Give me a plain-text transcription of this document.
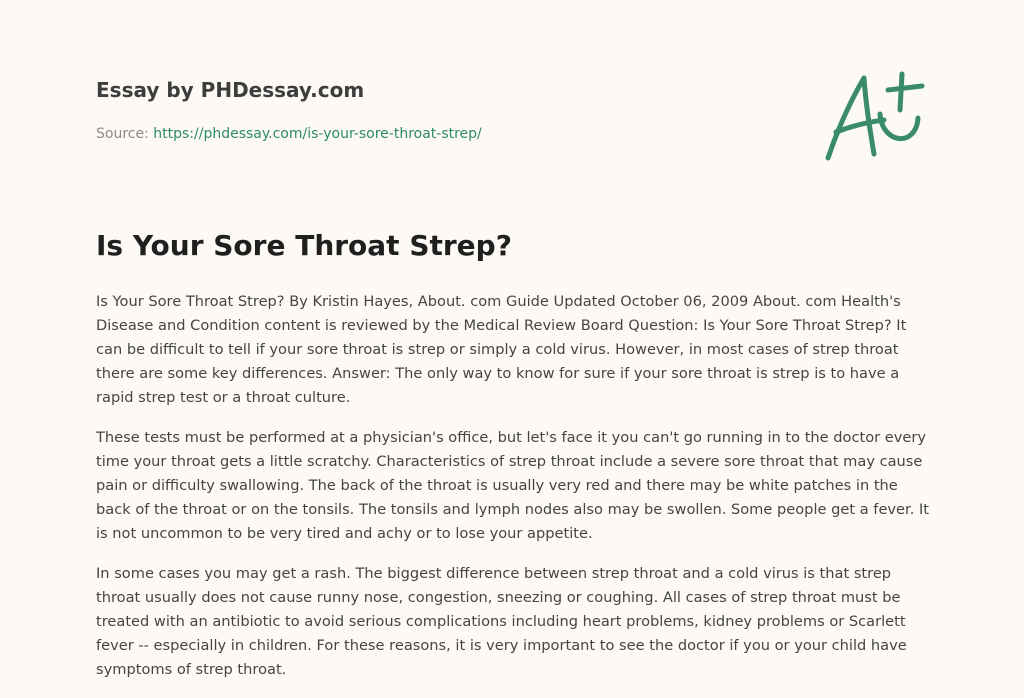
Essay by PHDessay.com
Source: https://phdessay.com/is-your-sore-throat-strep/
Is Your Sore Throat Strep?

Is Your Sore Throat Strep? By Kristin Hayes, About. com Guide Updated October 06, 2009 About. com Health's Disease and Condition content is reviewed by the Medical Review Board Question: Is Your Sore Throat Strep? It can be difficult to tell if your sore throat is strep or simply a cold virus. However, in most cases of strep throat there are some key differences. Answer: The only way to know for sure if your sore throat is strep is to have a rapid strep test or a throat culture.

These tests must be performed at a physician's office, but let's face it you can't go running in to the doctor every time your throat gets a little scratchy. Characteristics of strep throat include a severe sore throat that may cause pain or difficulty swallowing. The back of the throat is usually very red and there may be white patches in the back of the throat or on the tonsils. The tonsils and lymph nodes also may be swollen. Some people get a fever. It is not uncommon to be very tired and achy or to lose your appetite.

In some cases you may get a rash. The biggest difference between strep throat and a cold virus is that strep throat usually does not cause runny nose, congestion, sneezing or coughing. All cases of strep throat must be treated with an antibiotic to avoid serious complications including heart problems, kidney problems or Scarlett fever -- especially in children. For these reasons, it is very important to see the doctor if you or your child have symptoms of strep throat.
